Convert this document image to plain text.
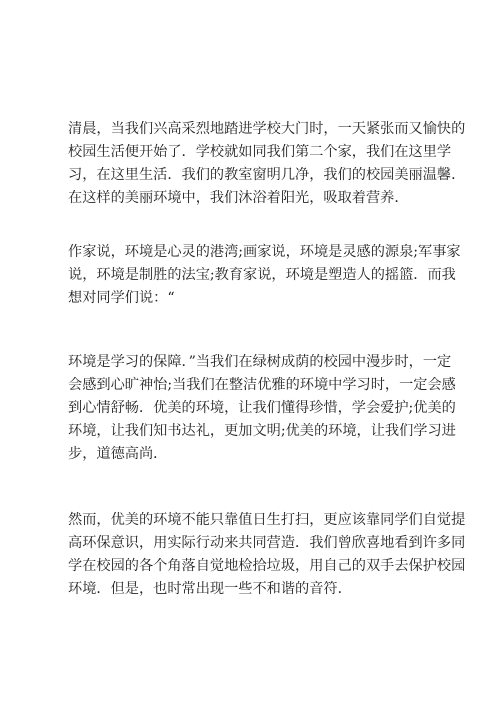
清晨，当我们兴高采烈地踏进学校大门时，一天紧张而又愉快的
校园生活便开始了．学校就如同我们第二个家，我们在这里学
习，在这里生活．我们的教室窗明几净，我们的校园美丽温馨．
在这样的美丽环境中，我们沐浴着阳光，吸取着营养．

作家说，环境是心灵的港湾;画家说，环境是灵感的源泉;军事家
说，环境是制胜的法宝;教育家说，环境是塑造人的摇篮．而我
想对同学们说：“

环境是学习的保障．”当我们在绿树成荫的校园中漫步时，一定
会感到心旷神怡;当我们在整洁优雅的环境中学习时，一定会感
到心情舒畅．优美的环境，让我们懂得珍惜，学会爱护;优美的
环境，让我们知书达礼，更加文明;优美的环境，让我们学习进
步，道德高尚．

然而，优美的环境不能只靠值日生打扫，更应该靠同学们自觉提
高环保意识，用实际行动来共同营造．我们曾欣喜地看到许多同
学在校园的各个角落自觉地检拾垃圾，用自己的双手去保护校园
环境．但是，也时常出现一些不和谐的音符．
